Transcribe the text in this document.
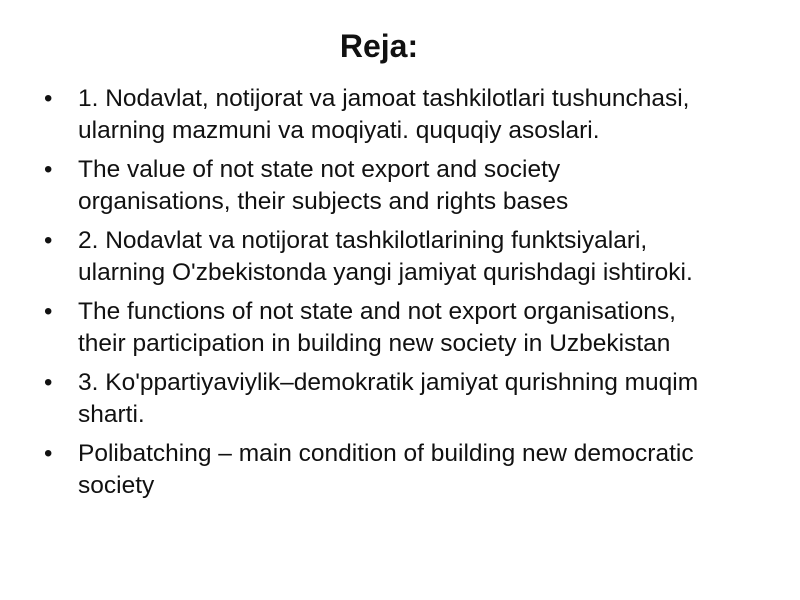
Reja:
•	1. Nodavlat, notijorat va jamoat tashkilotlari tushunchasi,
ularning mazmuni va moqiyati. ququqiy asoslari.
•	The value of not state not export and society
organisations, their subjects and rights bases
•	2. Nodavlat va notijorat tashkilotlarining funktsiyalari,
ularning O'zbekistonda yangi jamiyat qurishdagi ishtiroki.
•	The functions of not state and not export organisations,
their participation in building new society in Uzbekistan
•	3. Ko'ppartiyaviylik–demokratik jamiyat qurishning muqim
sharti.
•	Polibatching – main condition of building new democratic
society
